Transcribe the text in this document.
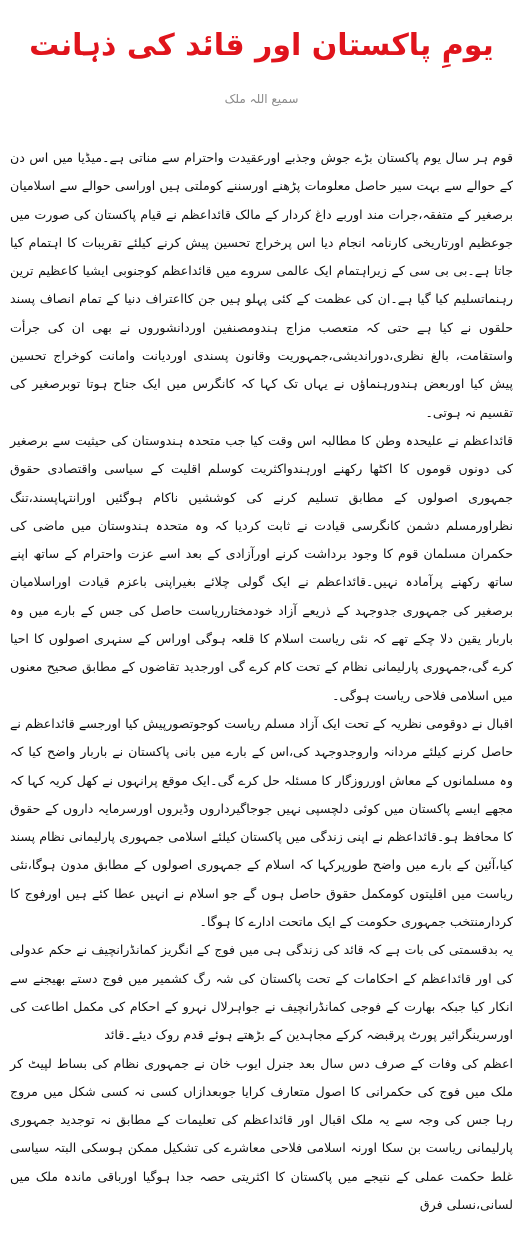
یومِ پاکستان اور قائد کی ذہانت
سمیع اللہ ملک

قوم ہر سال یوم پاکستان بڑے جوش وجذبے اورعقیدت واحترام سے مناتی ہے۔میڈیا میں اس دن کے حوالے سے بہت سیر حاصل معلومات پڑھنے اورسننے کوملتی ہیں اوراسی حوالے سے اسلامیان برصغیر کے متفقہ،جرات مند اوربے داغ کردار کے مالک قائداعظم نے قیام پاکستان کی صورت میں جوعظیم اورتاریخی کارنامہ انجام دیا اس پرخراج تحسین پیش کرنے کیلئے تقریبات کا اہتمام کیا جاتا ہے۔بی بی سی کے زیراہتمام ایک عالمی سروے میں قائداعظم کوجنوبی ایشیا کاعظیم ترین رہنماتسلیم کیا گیا ہے۔ان کی عظمت کے کئی پہلو ہیں جن کااعتراف دنیا کے تمام انصاف پسند حلقوں نے کیا ہے حتی کہ متعصب مزاج ہندومصنفین اوردانشوروں نے بھی ان کی جرأت واستقامت، بالغ نظری،دوراندیشی،جمہوریت وقانون پسندی اوردیانت وامانت کوخراج تحسین پیش کیا اوربعض ہندورہنماؤں نے یہاں تک کہا کہ کانگرس میں ایک جناح ہوتا توبرصغیر کی تقسیم نہ ہوتی۔

قائداعظم نے علیحدہ وطن کا مطالبہ اس وقت کیا جب متحدہ ہندوستان کی حیثیت سے برصغیر کی دونوں قوموں کا اکٹھا رکھنے اورہندواکثریت کوسلم اقلیت کے سیاسی واقتصادی حقوق جمہوری اصولوں کے مطابق تسلیم کرنے کی کوششیں ناکام ہوگئیں اورانتہاپسند،تنگ نظراورمسلم دشمن کانگرسی قیادت نے ثابت کردیا کہ وہ متحدہ ہندوستان میں ماضی کی حکمران مسلمان قوم کا وجود برداشت کرنے اورآزادی کے بعد اسے عزت واحترام کے ساتھ اپنے ساتھ رکھنے پرآمادہ نہیں۔قائداعظم نے ایک گولی چلائے بغیراپنی باعزم قیادت اوراسلامیان برصغیر کی جمہوری جدوجہد کے ذریعے آزاد خودمختارریاست حاصل کی جس کے بارے میں وہ باربار یقین دلا چکے تھے کہ نئی ریاست اسلام کا قلعہ ہوگی اوراس کے سنہری اصولوں کا احیا کرے گی،جمہوری پارلیمانی نظام کے تحت کام کرے گی اورجدید تقاضوں کے مطابق صحیح معنوں میں اسلامی فلاحی ریاست ہوگی۔

اقبال نے دوقومی نظریہ کے تحت ایک آزاد مسلم ریاست کوجوتصورپیش کیا اورجسے قائداعظم نے حاصل کرنے کیلئے مردانہ واروجدوجہد کی،اس کے بارے میں بانی پاکستان نے باربار واضح کیا کہ وہ مسلمانوں کے معاش اورروزگار کا مسئلہ حل کرے گی۔ایک موقع پرانہوں نے کھل کریہ کہا کہ مجھے ایسے پاکستان میں کوئی دلچسپی نہیں جوجاگیرداروں وڈیروں اورسرمایہ داروں کے حقوق کا محافظ ہو۔قائداعظم نے اپنی زندگی میں پاکستان کیلئے اسلامی جمہوری پارلیمانی نظام پسند کیا،آئین کے بارے میں واضح طورپرکہا کہ اسلام کے جمہوری اصولوں کے مطابق مدون ہوگا،نئی ریاست میں اقلیتوں کومکمل حقوق حاصل ہوں گے جو اسلام نے انہیں عطا کئے ہیں اورفوج کا کردارمنتخب جمہوری حکومت کے ایک ماتحت ادارے کا ہوگا۔

یہ بدقسمتی کی بات ہے کہ قائد کی زندگی ہی میں فوج کے انگریز کمانڈرانچیف نے حکم عدولی کی اور قائداعظم کے احکامات کے تحت پاکستان کی شہ رگ کشمیر میں فوج دستے بھیجنے سے انکار کیا جبکہ بھارت کے فوجی کمانڈرانچیف نے جواہرلال نہرو کے احکام کی مکمل اطاعت کی اورسرینگرائیر پورٹ پرقبضہ کرکے مجاہدین کے بڑھتے ہوئے قدم روک دیئے۔قائد

اعظم کی وفات کے صرف دس سال بعد جنرل ایوب خان نے جمہوری نظام کی بساط لپیٹ کر ملک میں فوج کی حکمرانی کا اصول متعارف کرایا جوبعدازاں کسی نہ کسی شکل میں مروج رہا جس کی وجہ سے یہ ملک اقبال اور قائداعظم کی تعلیمات کے مطابق نہ توجدید جمہوری پارلیمانی ریاست بن سکا اورنہ اسلامی فلاحی معاشرے کی تشکیل ممکن ہوسکی البتہ سیاسی غلط حکمت عملی کے نتیجے میں پاکستان کا اکثریتی حصہ جدا ہوگیا اورباقی ماندہ ملک میں لسانی،نسلی فرق
